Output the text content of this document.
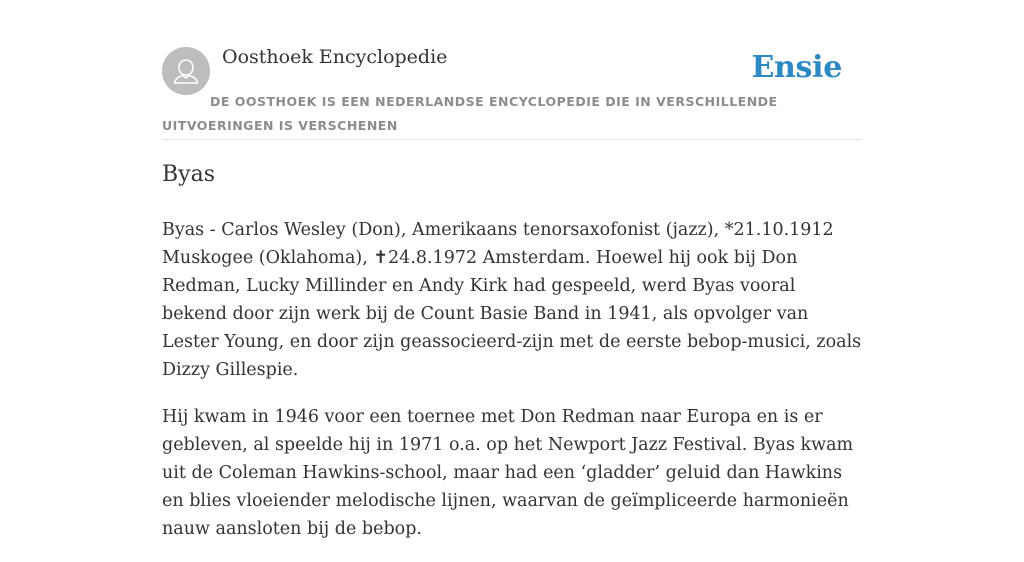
Oosthoek Encyclopedie	Ensie

DE OOSTHOEK IS EEN NEDERLANDSE ENCYCLOPEDIE DIE IN VERSCHILLENDE UITVOERINGEN IS VERSCHENEN

Byas

Byas - Carlos Wesley (Don), Amerikaans tenorsaxofonist (jazz), *21.10.1912 Muskogee (Oklahoma), ✝24.8.1972 Amsterdam. Hoewel hij ook bij Don Redman, Lucky Millinder en Andy Kirk had gespeeld, werd Byas vooral bekend door zijn werk bij de Count Basie Band in 1941, als opvolger van Lester Young, en door zijn geassocieerd-zijn met de eerste bebop-musici, zoals Dizzy Gillespie.

Hij kwam in 1946 voor een toernee met Don Redman naar Europa en is er gebleven, al speelde hij in 1971 o.a. op het Newport Jazz Festival. Byas kwam uit de Coleman Hawkins-school, maar had een ‘gladder’ geluid dan Hawkins en blies vloeiender melodische lijnen, waarvan de geïmpliceerde harmonieën nauw aansloten bij de bebop.
